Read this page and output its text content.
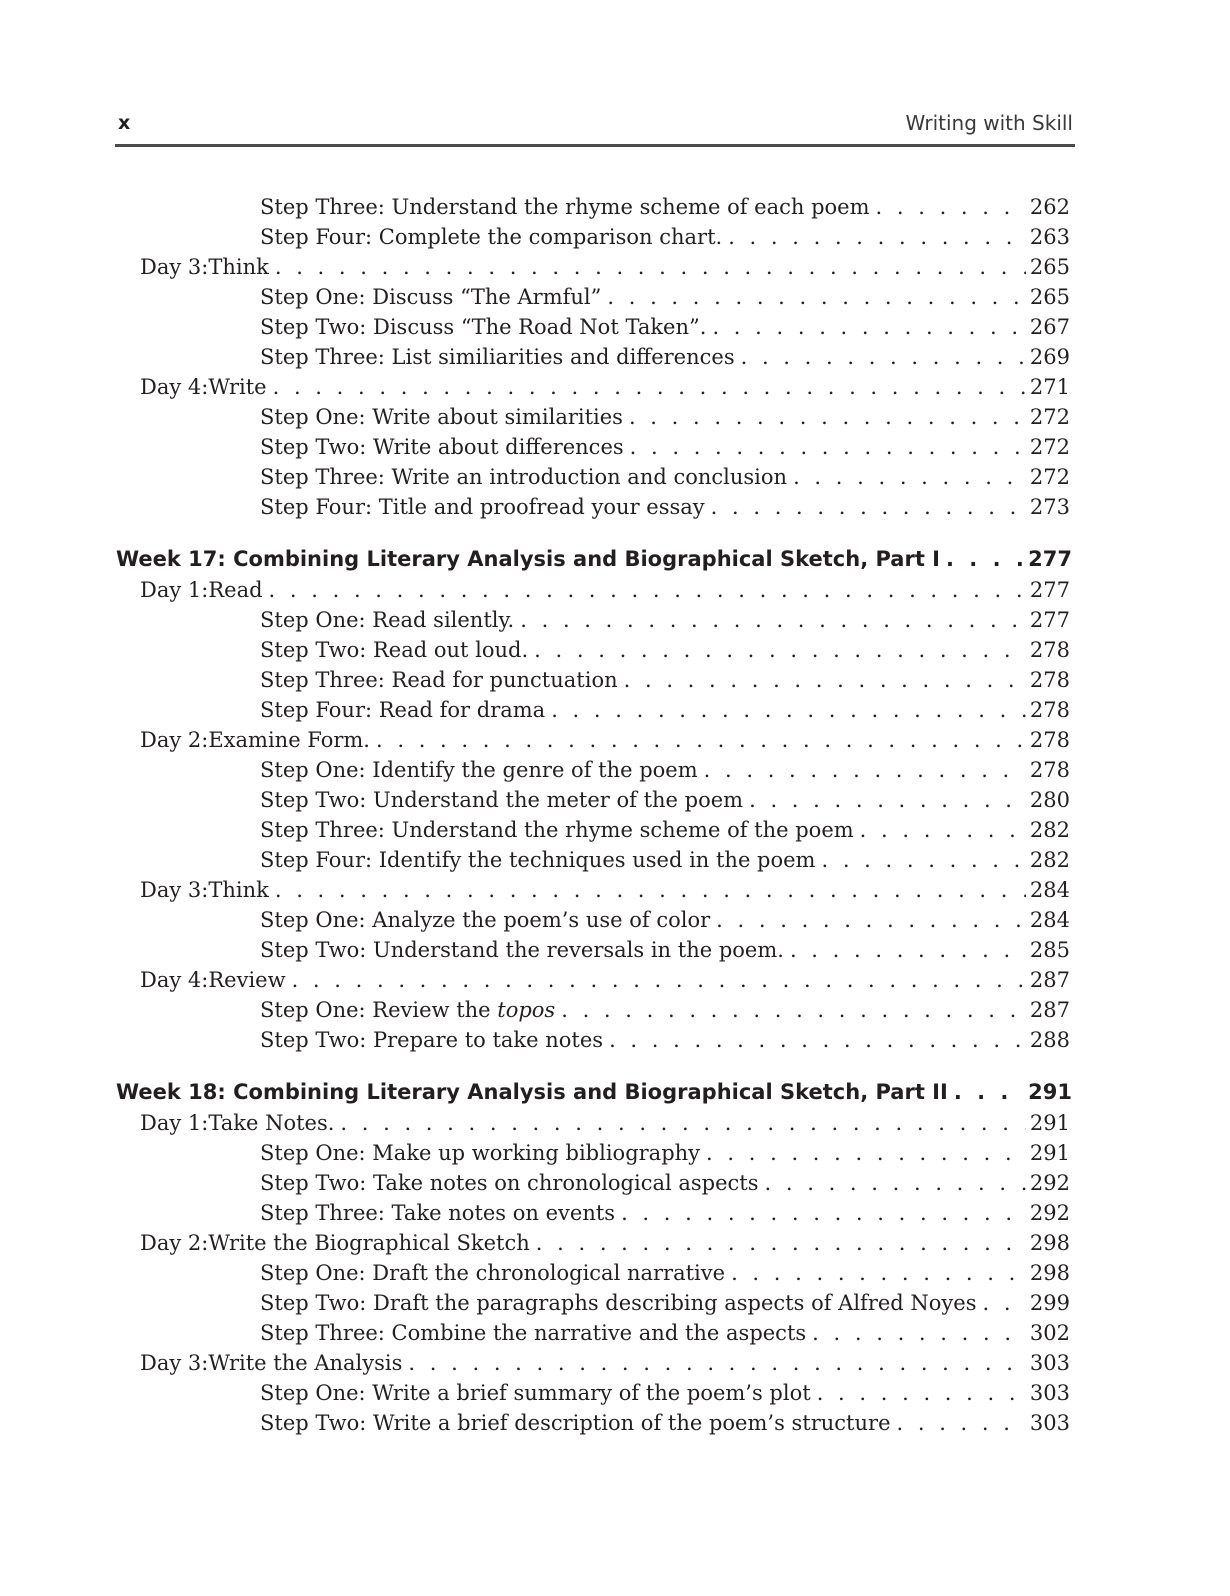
x	Writing with Skill
Step Three: Understand the rhyme scheme of each poem . . .	262
Step Four: Complete the comparison chart. . . .	263
Day 3: Think . . .	265
Step One: Discuss “The Armful” . . .	265
Step Two: Discuss “The Road Not Taken”. . . .	267
Step Three: List similiarities and differences . . .	269
Day 4: Write . . .	271
Step One: Write about similarities . . .	272
Step Two: Write about differences . . .	272
Step Three: Write an introduction and conclusion . . .	272
Step Four: Title and proofread your essay . . .	273
Week 17: Combining Literary Analysis and Biographical Sketch, Part I . . .	277
Day 1: Read . . .	277
Step One: Read silently. . . .	277
Step Two: Read out loud. . . .	278
Step Three: Read for punctuation . . .	278
Step Four: Read for drama . . .	278
Day 2: Examine Form. . . .	278
Step One: Identify the genre of the poem . . .	278
Step Two: Understand the meter of the poem . . .	280
Step Three: Understand the rhyme scheme of the poem . . .	282
Step Four: Identify the techniques used in the poem . . .	282
Day 3: Think . . .	284
Step One: Analyze the poem’s use of color . . .	284
Step Two: Understand the reversals in the poem. . . .	285
Day 4: Review . . .	287
Step One: Review the topos . . .	287
Step Two: Prepare to take notes . . .	288
Week 18: Combining Literary Analysis and Biographical Sketch, Part II . . .	291
Day 1: Take Notes. . . .	291
Step One: Make up working bibliography . . .	291
Step Two: Take notes on chronological aspects . . .	292
Step Three: Take notes on events . . .	292
Day 2: Write the Biographical Sketch . . .	298
Step One: Draft the chronological narrative . . .	298
Step Two: Draft the paragraphs describing aspects of Alfred Noyes . . .	299
Step Three: Combine the narrative and the aspects . . .	302
Day 3: Write the Analysis . . .	303
Step One: Write a brief summary of the poem’s plot . . .	303
Step Two: Write a brief description of the poem’s structure . . .	303
